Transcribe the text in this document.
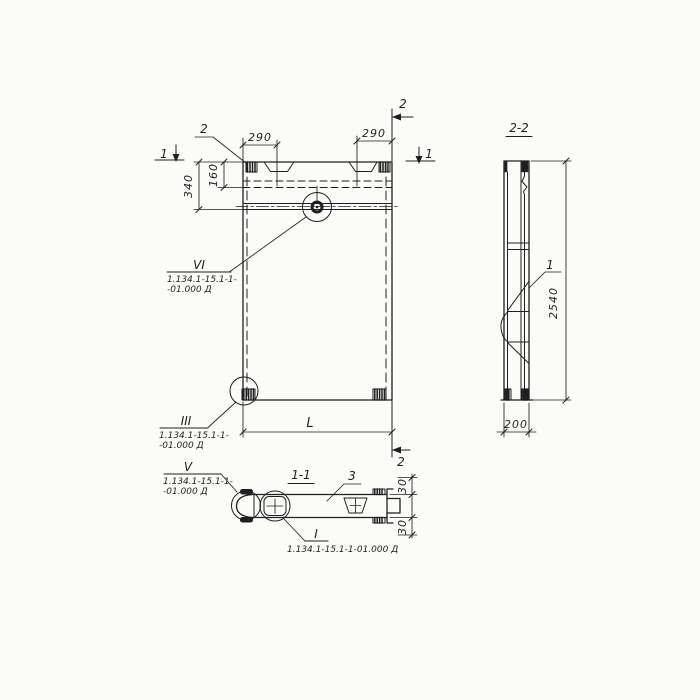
VI
1.134.1-15.1-1-
-01.000 Д
III
1.134.1-15.1-1-
-01.000 Д
2
1	1
2
2
290	290
340 160
L
1-1
30
30
3
V
1.134.1-15.1-1-
-01.000 Д
I
1.134.1-15.1-1-01.000 Д
2-2
1
200
2540
